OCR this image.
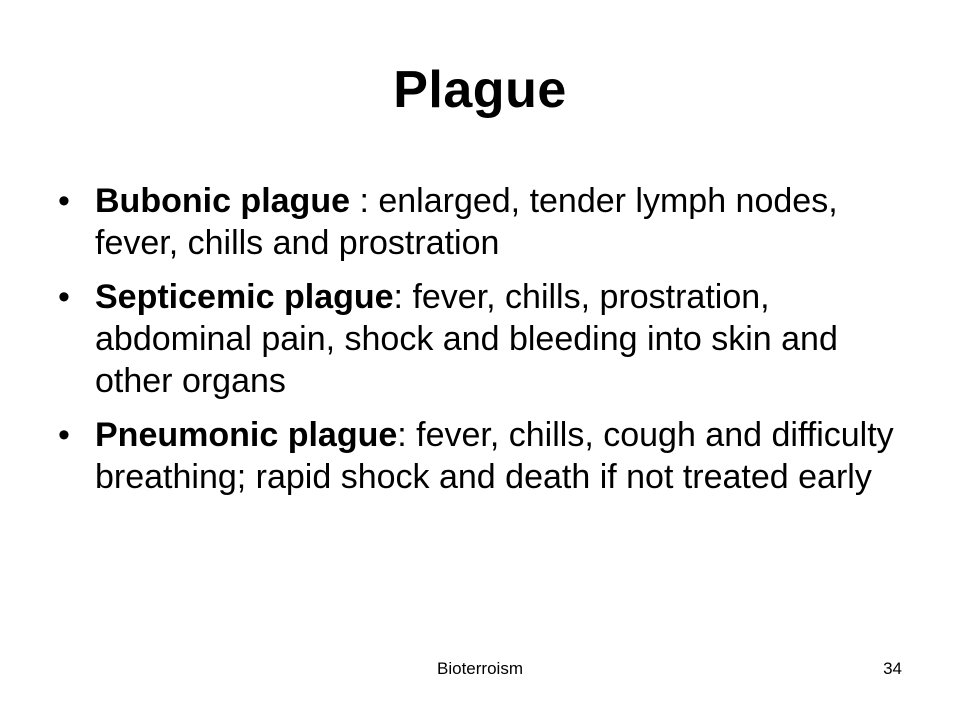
Plague
• Bubonic plague : enlarged, tender lymph nodes, fever, chills and prostration
• Septicemic plague: fever, chills, prostration, abdominal pain, shock and bleeding into skin and other organs
• Pneumonic plague: fever, chills, cough and difficulty breathing; rapid shock and death if not treated early
Bioterroism	34
